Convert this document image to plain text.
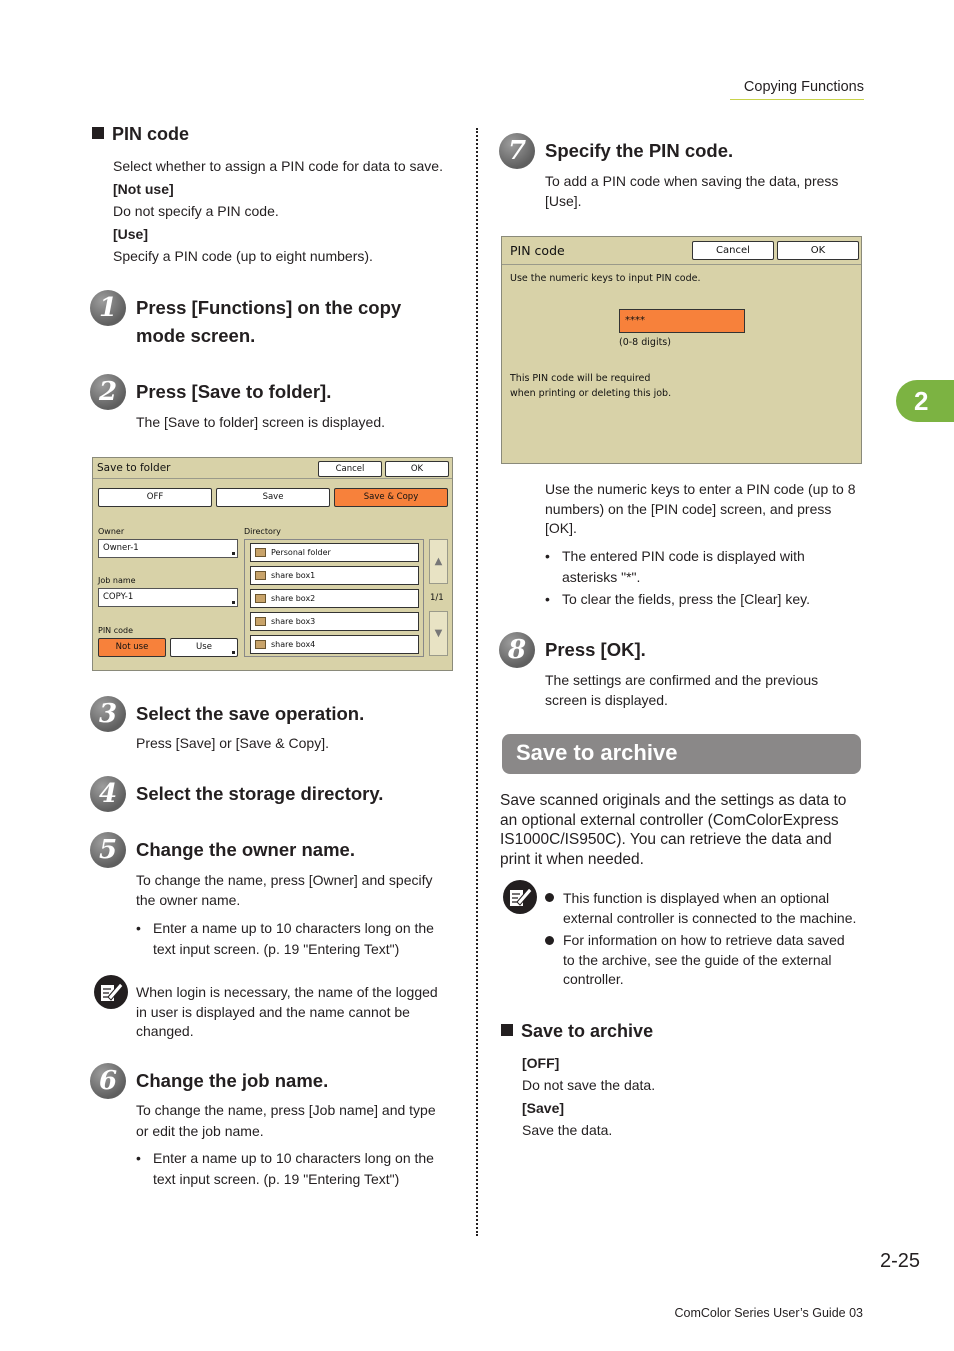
Copying Functions
2
PIN code
Select whether to assign a PIN code for data to save.
[Not use]
Do not specify a PIN code.
[Use]
Specify a PIN code (up to eight numbers).
1	Press [Functions] on the copy
mode screen.
2	Press [Save to folder].
The [Save to folder] screen is displayed.
Save to folder	Cancel	OK
OFF	Save	Save & Copy
Owner
Owner-1
Job name
COPY-1
PIN code
Not use	Use
Directory
Personal folder
share box1
share box2
share box3
share box4
▲
1/1
▼
3	Select the save operation.
Press [Save] or [Save & Copy].
4	Select the storage directory.
5	Change the owner name.
To change the name, press [Owner] and specify
the owner name.
• Enter a name up to 10 characters long on the
text input screen. (p. 19 "Entering Text")
When login is necessary, the name of the logged
in user is displayed and the name cannot be
changed.
6	Change the job name.
To change the name, press [Job name] and type
or edit the job name.
• Enter a name up to 10 characters long on the
text input screen. (p. 19 "Entering Text")
7	Specify the PIN code.
To add a PIN code when saving the data, press
[Use].
PIN code	Cancel	OK
Use the numeric keys to input PIN code.
****
(0-8 digits)
This PIN code will be required
when printing or deleting this job.
Use the numeric keys to enter a PIN code (up to 8
numbers) on the [PIN code] screen, and press
[OK].
• The entered PIN code is displayed with
asterisks "*".
• To clear the fields, press the [Clear] key.
8	Press [OK].
The settings are confirmed and the previous
screen is displayed.
Save to archive
Save scanned originals and the settings as data to
an optional external controller (ComColorExpress
IS1000C/IS950C). You can retrieve the data and
print it when needed.
This function is displayed when an optional
external controller is connected to the machine.
For information on how to retrieve data saved
to the archive, see the guide of the external
controller.
Save to archive
[OFF]
Do not save the data.
[Save]
Save the data.
2-25
ComColor Series User’s Guide 03
